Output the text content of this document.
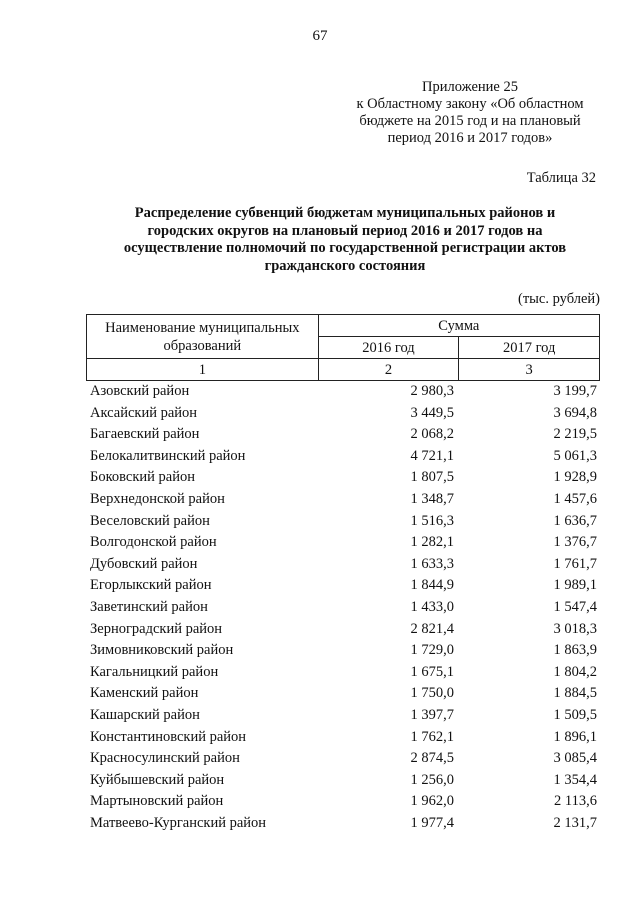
67
Приложение 25
к Областному закону «Об областном
бюджете на 2015 год и на плановый
период 2016 и 2017 годов»
Таблица 32
Распределение субвенций бюджетам муниципальных районов и
городских округов на плановый период 2016 и 2017 годов на
осуществление полномочий по государственной регистрации актов
гражданского состояния
(тыс. рублей)
Наименование муниципальных
образований	Сумма	
	2016 год	2017 год
1	2	3
Азовский район	2 980,3	3 199,7
Аксайский район	3 449,5	3 694,8
Багаевский район	2 068,2	2 219,5
Белокалитвинский район	4 721,1	5 061,3
Боковский район	1 807,5	1 928,9
Верхнедонской район	1 348,7	1 457,6
Веселовский район	1 516,3	1 636,7
Волгодонской район	1 282,1	1 376,7
Дубовский район	1 633,3	1 761,7
Егорлыкский район	1 844,9	1 989,1
Заветинский район	1 433,0	1 547,4
Зерноградский район	2 821,4	3 018,3
Зимовниковский район	1 729,0	1 863,9
Кагальницкий район	1 675,1	1 804,2
Каменский район	1 750,0	1 884,5
Кашарский район	1 397,7	1 509,5
Константиновский район	1 762,1	1 896,1
Красносулинский район	2 874,5	3 085,4
Куйбышевский район	1 256,0	1 354,4
Мартыновский район	1 962,0	2 113,6
Матвеево-Курганский район	1 977,4	2 131,7
